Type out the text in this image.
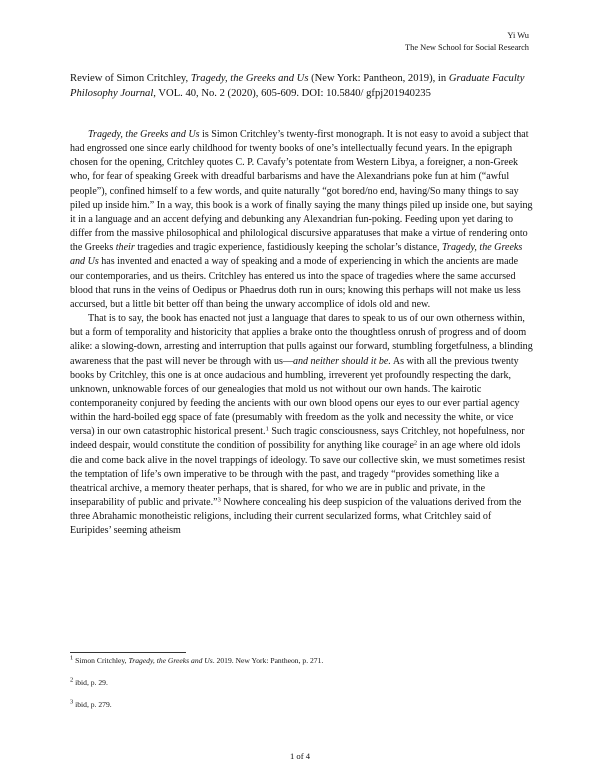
Yi Wu
The New School for Social Research
Review of Simon Critchley, Tragedy, the Greeks and Us (New York: Pantheon, 2019), in Graduate Faculty Philosophy Journal, VOL. 40, No. 2 (2020), 605-609. DOI: 10.5840/ gfpj201940235

Tragedy, the Greeks and Us is Simon Critchley’s twenty-first monograph. It is not easy to avoid a subject that had engrossed one since early childhood for twenty books of one’s intellectually fecund years. In the epigraph chosen for the opening, Critchley quotes C. P. Cavafy’s potentate from Western Libya, a foreigner, a non-Greek who, for fear of speaking Greek with dreadful barbarisms and have the Alexandrians poke fun at him (“awful people”), confined himself to a few words, and quite naturally “got bored/no end, having/So many things to say piled up inside him.” In a way, this book is a work of finally saying the many things piled up inside one, but saying it in a language and an accent defying and debunking any Alexandrian fun-poking. Feeding upon yet daring to differ from the massive philosophical and philological discursive apparatuses that make a virtue of rendering onto the Greeks their tragedies and tragic experience, fastidiously keeping the scholar’s distance, Tragedy, the Greeks and Us has invented and enacted a way of speaking and a mode of experiencing in which the ancients are made our contemporaries, and us theirs. Critchley has entered us into the space of tragedies where the same accursed blood that runs in the veins of Oedipus or Phaedrus doth run in ours; knowing this perhaps will not make us less accursed, but a little bit better off than being the unwary accomplice of idols old and new.

That is to say, the book has enacted not just a language that dares to speak to us of our own otherness within, but a form of temporality and historicity that applies a brake onto the thoughtless onrush of progress and of doom alike: a slowing-down, arresting and interruption that pulls against our forward, stumbling forgetfulness, a blinding awareness that the past will never be through with us—and neither should it be. As with all the previous twenty books by Critchley, this one is at once audacious and humbling, irreverent yet profoundly respecting the dark, unknown, unknowable forces of our genealogies that mold us not without our own hands. The kairotic contemporaneity conjured by feeding the ancients with our own blood opens our eyes to our ever partial agency within the hard-boiled egg space of fate (presumably with freedom as the yolk and necessity the white, or vice versa) in our own catastrophic historical present.$^1$ Such tragic consciousness, says Critchley, not hopefulness, nor indeed despair, would constitute the condition of possibility for anything like courage$^2$ in an age where old idols die and come back alive in the novel trappings of ideology. To save our collective skin, we must sometimes resist the temptation of life’s own imperative to be through with the past, and tragedy “provides something like a theatrical archive, a memory theater perhaps, that is shared, for who we are in public and private, in the inseparability of public and private.”$^3$ Nowhere concealing his deep suspicion of the valuations derived from the three Abrahamic monotheistic religions, including their current secularized forms, what Critchley said of Euripides’ seeming atheism

$^1$ Simon Critchley, Tragedy, the Greeks and Us. 2019. New York: Pantheon, p. 271.
$^2$ ibid, p. 29.
$^3$ ibid, p. 279.
1 of 4
